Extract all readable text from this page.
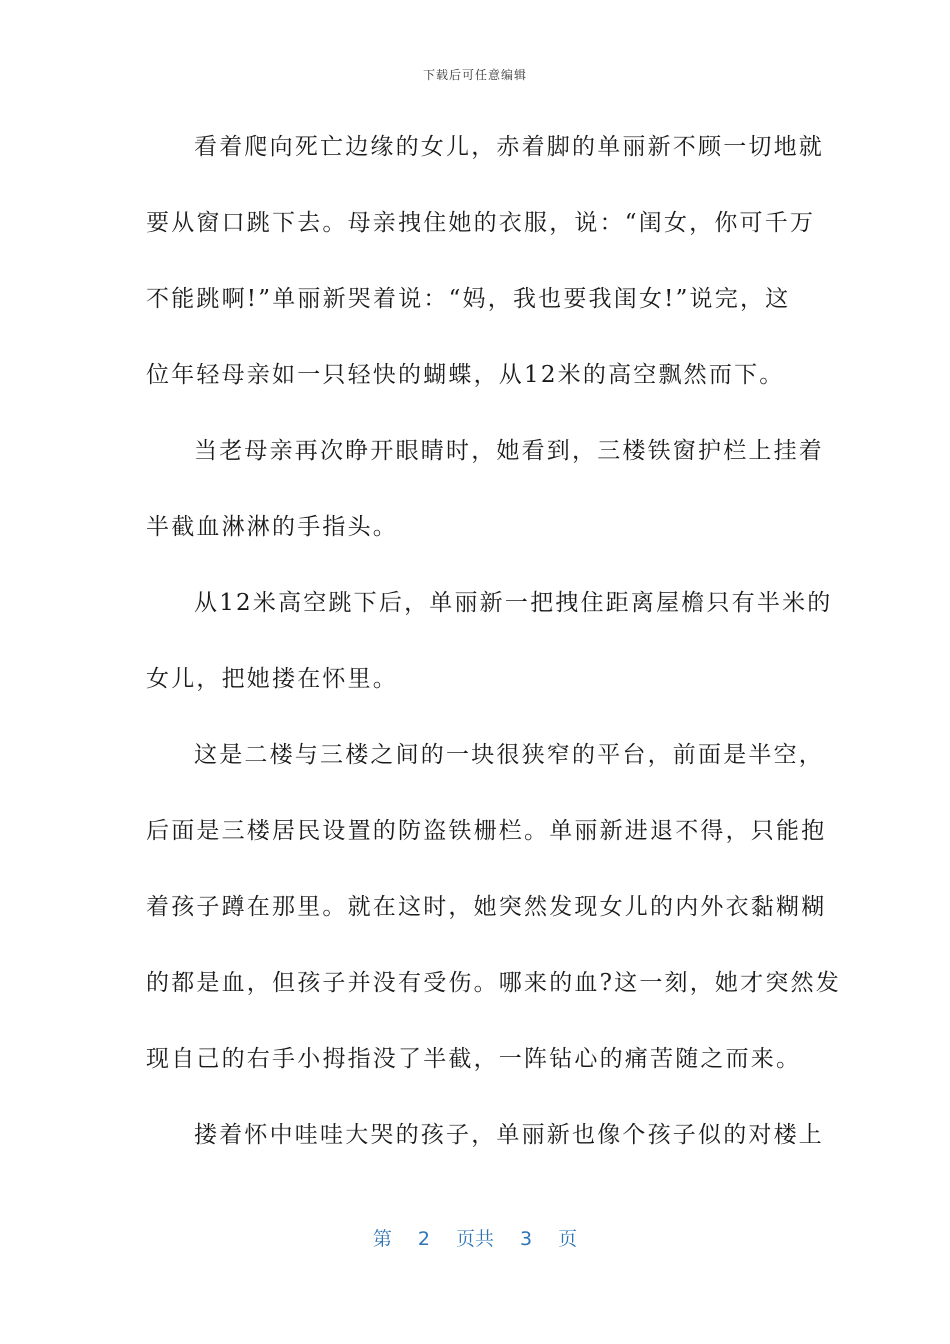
下载后可任意编辑
看着爬向死亡边缘的女儿，赤着脚的单丽新不顾一切地就
要从窗口跳下去。母亲拽住她的衣服，说：“闺女，你可千万
不能跳啊!”单丽新哭着说：“妈，我也要我闺女!”说完，这
位年轻母亲如一只轻快的蝴蝶，从12米的高空飘然而下。
当老母亲再次睁开眼睛时，她看到，三楼铁窗护栏上挂着
半截血淋淋的手指头。
从12米高空跳下后，单丽新一把拽住距离屋檐只有半米的
女儿，把她搂在怀里。
这是二楼与三楼之间的一块很狭窄的平台，前面是半空，
后面是三楼居民设置的防盗铁栅栏。单丽新进退不得，只能抱
着孩子蹲在那里。就在这时，她突然发现女儿的内外衣黏糊糊
的都是血，但孩子并没有受伤。哪来的血?这一刻，她才突然发
现自己的右手小拇指没了半截，一阵钻心的痛苦随之而来。
搂着怀中哇哇大哭的孩子，单丽新也像个孩子似的对楼上
第 2 页共 3 页
